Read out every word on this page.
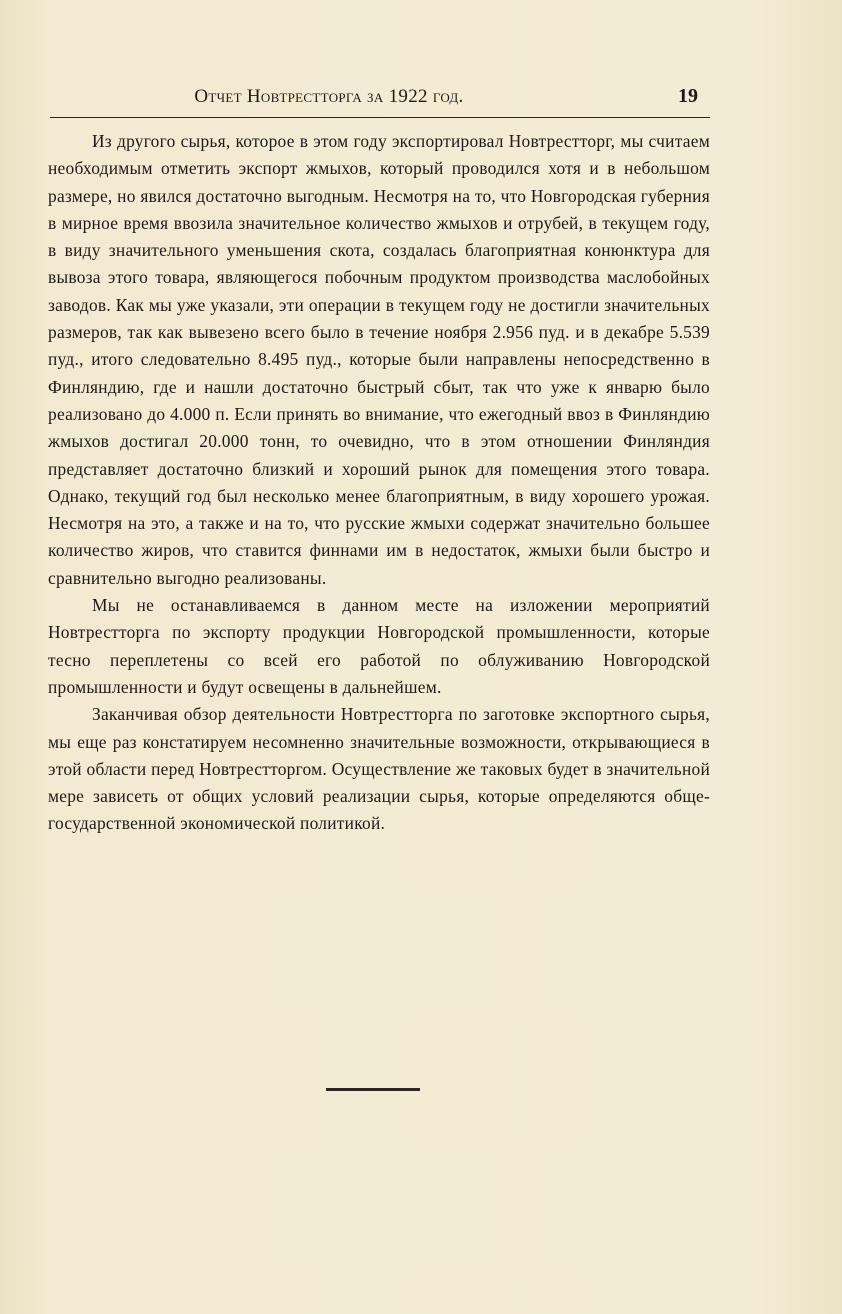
Отчет Новтрестторга за 1922 год.	19

Из другого сырья, которое в этом году экспортировал Новтрестторг, мы считаем необходимым отметить экспорт жмыхов, который проводился хотя и в небольшом размере, но явился достаточно выгодным. Несмотря на то, что Новгородская губерния в мирное время ввозила значительное количество жмыхов и отрубей, в текущем году, в виду значительного уменьшения скота, создалась благоприятная конюнктура для вывоза этого товара, являющегося побочным продуктом производства маслобойных заводов. Как мы уже указали, эти операции в текущем году не достигли значительных размеров, так как вывезено всего было в течение ноября 2.956 пуд. и в декабре 5.539 пуд., итого следовательно 8.495 пуд., которые были направлены непосредственно в Финляндию, где и нашли достаточно быстрый сбыт, так что уже к январю было реализовано до 4.000 п. Если принять во внимание, что ежегодный ввоз в Финляндию жмыхов достигал 20.000 тонн, то очевидно, что в этом отношении Финляндия представляет достаточно близкий и хороший рынок для помещения этого товара. Однако, текущий год был несколько менее благоприятным, в виду хорошего урожая. Несмотря на это, а также и на то, что русские жмыхи содержат значительно большее количество жиров, что ставится финнами им в недостаток, жмыхи были быстро и сравнительно выгодно реализованы.

Мы не останавливаемся в данном месте на изложении мероприятий Новтрестторга по экспорту продукции Новгородской промышленности, которые тесно переплетены со всей его работой по облуживанию Новгородской промышленности и будут освещены в дальнейшем.

Заканчивая обзор деятельности Новтрестторга по заготовке экспортного сырья, мы еще раз констатируем несомненно значительные возможности, открывающиеся в этой области перед Новтрестторгом. Осуществление же таковых будет в значительной мере зависеть от общих условий реализации сырья, которые определяются обще-государственной экономической политикой.
